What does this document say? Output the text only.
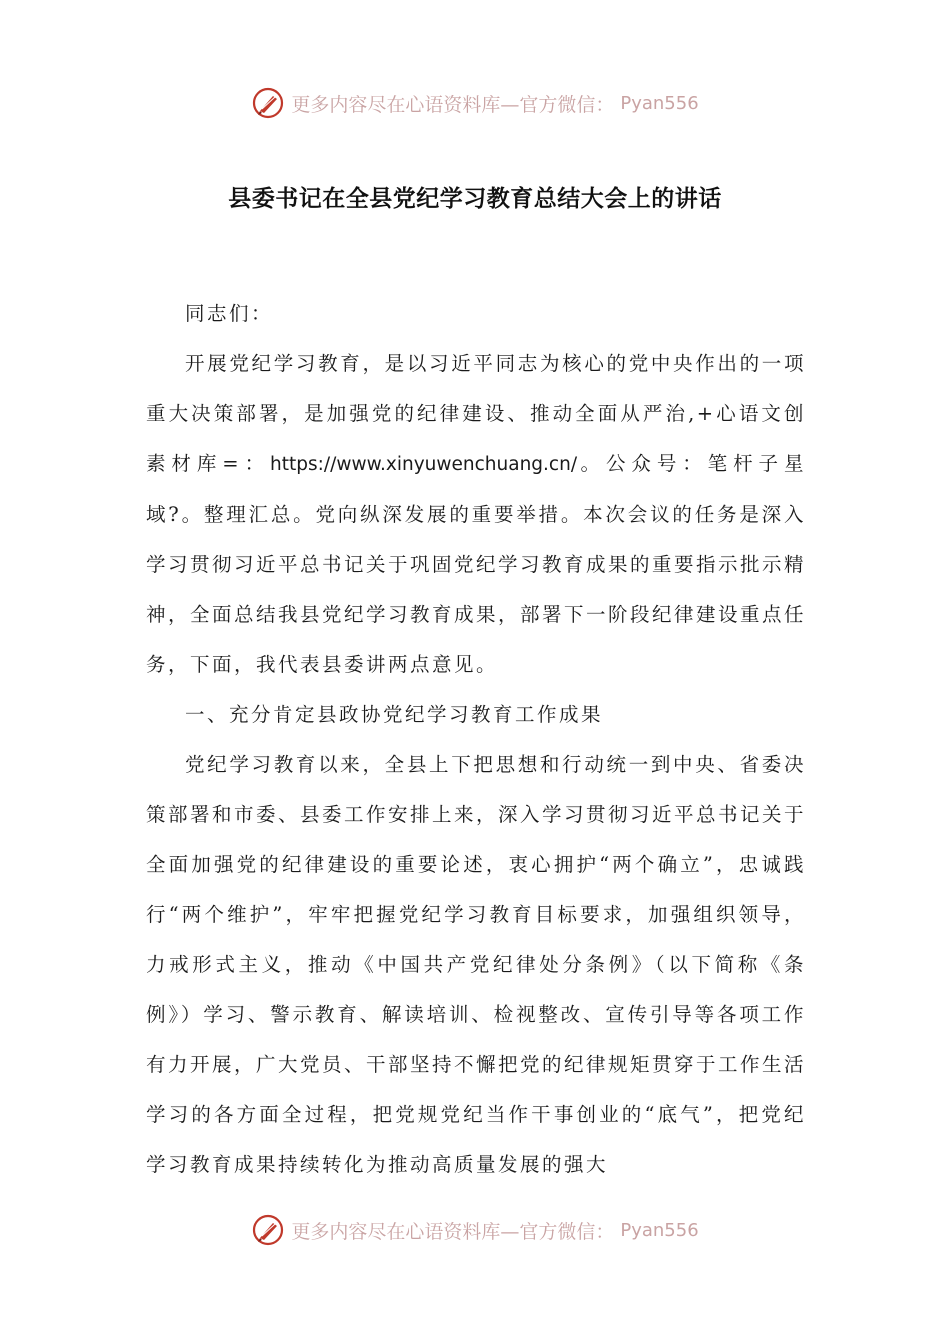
更多内容尽在心语资料库—官方微信： Pyan556
县委书记在全县党纪学习教育总结大会上的讲话

同志们：

开展党纪学习教育，是以习近平同志为核心的党中央作出的一项重大决策部署，是加强党的纪律建设、推动全面从严治,+心语文创素材库=：https://www.xinyuwenchuang.cn/。公众号：笔杆子星域?。整理汇总。党向纵深发展的重要举措。本次会议的任务是深入学习贯彻习近平总书记关于巩固党纪学习教育成果的重要指示批示精神，全面总结我县党纪学习教育成果，部署下一阶段纪律建设重点任务，下面，我代表县委讲两点意见。

一、充分肯定县政协党纪学习教育工作成果

党纪学习教育以来，全县上下把思想和行动统一到中央、省委决策部署和市委、县委工作安排上来，深入学习贯彻习近平总书记关于全面加强党的纪律建设的重要论述，衷心拥护“两个确立”，忠诚践行“两个维护”，牢牢把握党纪学习教育目标要求，加强组织领导，力戒形式主义，推动《中国共产党纪律处分条例》（以下简称《条例》）学习、警示教育、解读培训、检视整改、宣传引导等各项工作有力开展，广大党员、干部坚持不懈把党的纪律规矩贯穿于工作生活学习的各方面全过程，把党规党纪当作干事创业的“底气”，把党纪学习教育成果持续转化为推动高质量发展的强大

更多内容尽在心语资料库—官方微信： Pyan556
